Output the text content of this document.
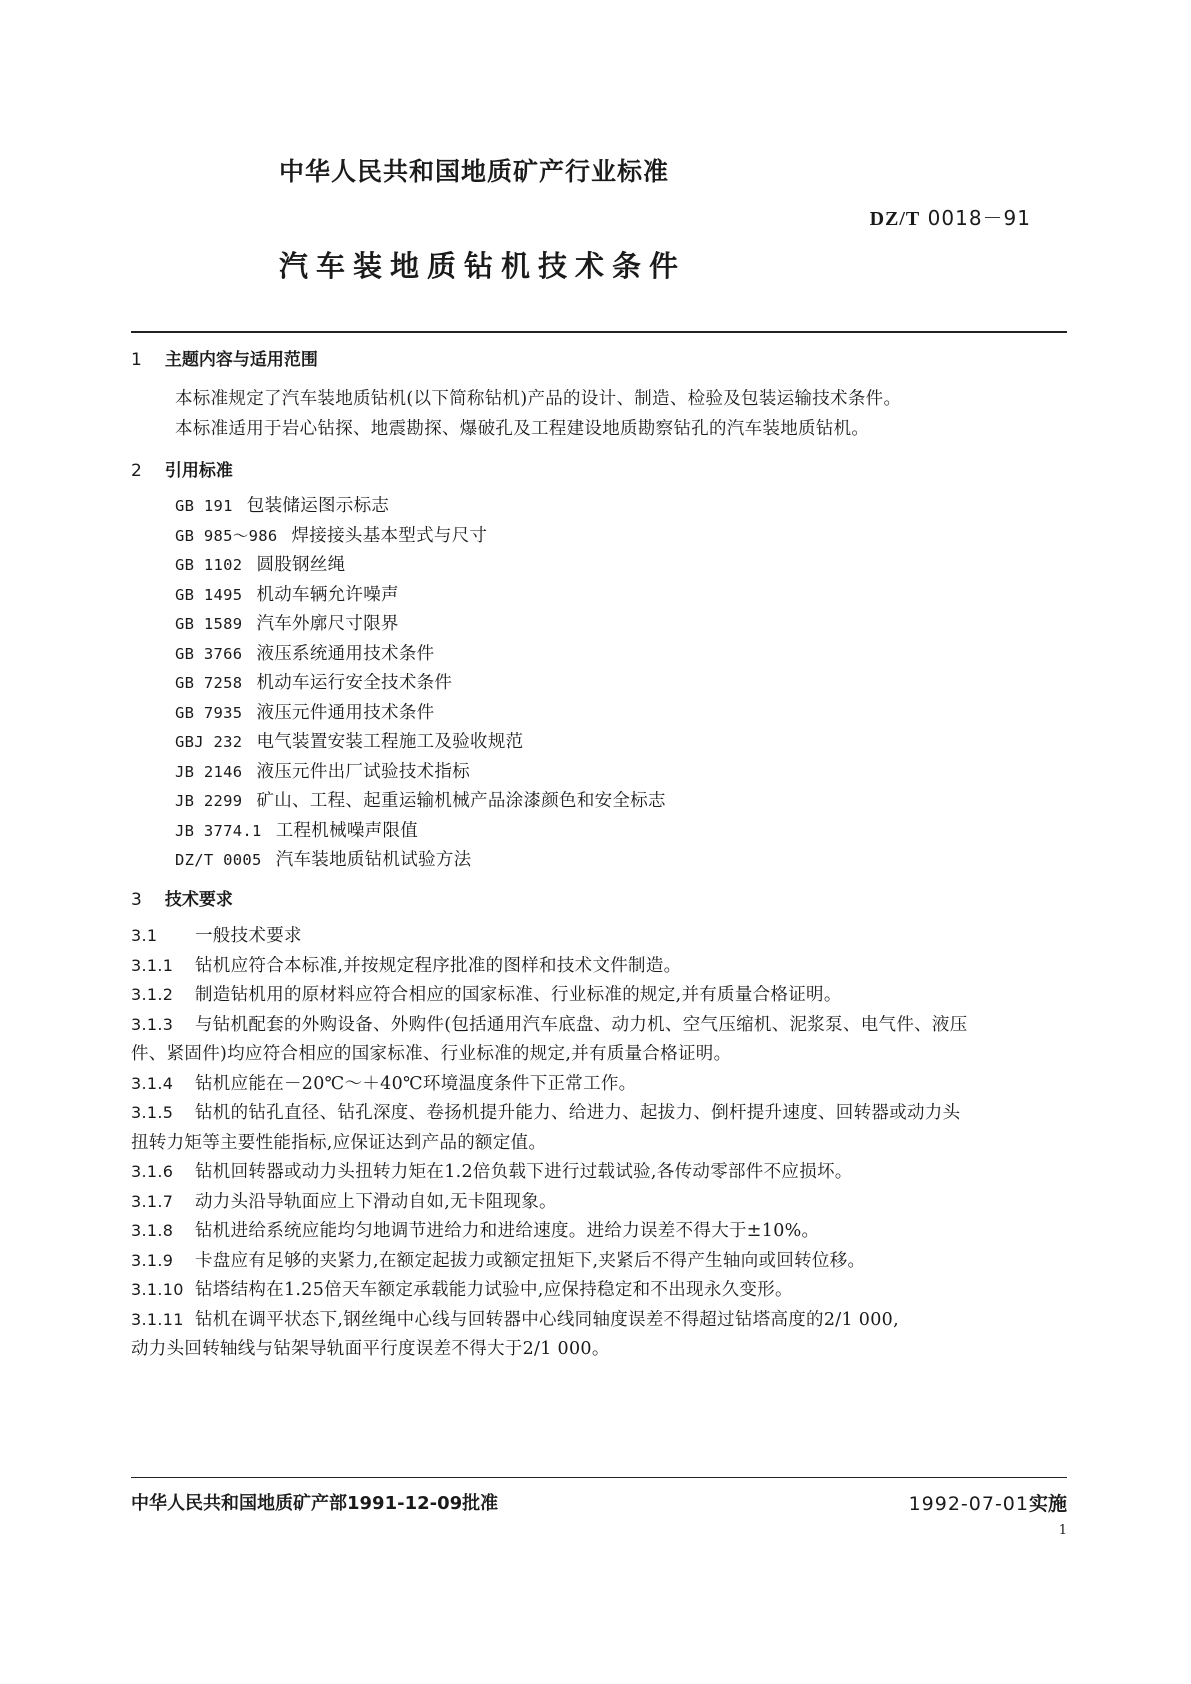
中华人民共和国地质矿产行业标准
DZ/T 0018－91
汽车装地质钻机技术条件
1 主题内容与适用范围
本标准规定了汽车装地质钻机(以下简称钻机)产品的设计、制造、检验及包装运输技术条件。
本标准适用于岩心钻探、地震勘探、爆破孔及工程建设地质勘察钻孔的汽车装地质钻机。
2 引用标准
GB 191 包装储运图示标志
GB 985～986 焊接接头基本型式与尺寸
GB 1102 圆股钢丝绳
GB 1495 机动车辆允许噪声
GB 1589 汽车外廓尺寸限界
GB 3766 液压系统通用技术条件
GB 7258 机动车运行安全技术条件
GB 7935 液压元件通用技术条件
GBJ 232 电气装置安装工程施工及验收规范
JB 2146 液压元件出厂试验技术指标
JB 2299 矿山、工程、起重运输机械产品涂漆颜色和安全标志
JB 3774.1 工程机械噪声限值
DZ/T 0005 汽车装地质钻机试验方法
3 技术要求
3.1 一般技术要求
3.1.1 钻机应符合本标准,并按规定程序批准的图样和技术文件制造。
3.1.2 制造钻机用的原材料应符合相应的国家标准、行业标准的规定,并有质量合格证明。
3.1.3 与钻机配套的外购设备、外购件(包括通用汽车底盘、动力机、空气压缩机、泥浆泵、电气件、液压
件、紧固件)均应符合相应的国家标准、行业标准的规定,并有质量合格证明。
3.1.4 钻机应能在－20℃～＋40℃环境温度条件下正常工作。
3.1.5 钻机的钻孔直径、钻孔深度、卷扬机提升能力、给进力、起拔力、倒杆提升速度、回转器或动力头
扭转力矩等主要性能指标,应保证达到产品的额定值。
3.1.6 钻机回转器或动力头扭转力矩在1.2倍负载下进行过载试验,各传动零部件不应损坏。
3.1.7 动力头沿导轨面应上下滑动自如,无卡阻现象。
3.1.8 钻机进给系统应能均匀地调节进给力和进给速度。进给力误差不得大于±10%。
3.1.9 卡盘应有足够的夹紧力,在额定起拔力或额定扭矩下,夹紧后不得产生轴向或回转位移。
3.1.10 钻塔结构在1.25倍天车额定承载能力试验中,应保持稳定和不出现永久变形。
3.1.11 钻机在调平状态下,钢丝绳中心线与回转器中心线同轴度误差不得超过钻塔高度的2/1 000,
动力头回转轴线与钻架导轨面平行度误差不得大于2/1 000。
中华人民共和国地质矿产部1991-12-09批准	1992-07-01实施
1
